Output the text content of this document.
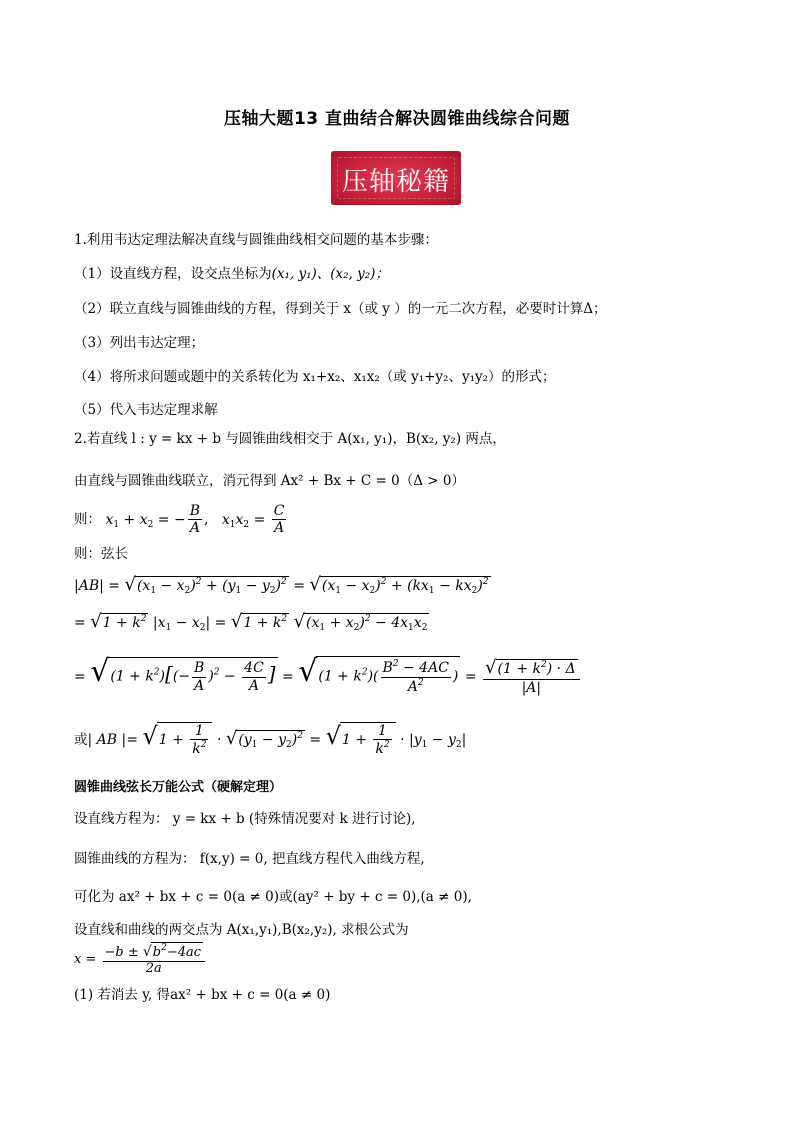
压轴大题13 直曲结合解决圆锥曲线综合问题
压轴秘籍
1.利用韦达定理法解决直线与圆锥曲线相交问题的基本步骤：
（1）设直线方程，设交点坐标为(x₁, y₁)、(x₂, y₂)；
（2）联立直线与圆锥曲线的方程，得到关于 x（或 y ）的一元二次方程，必要时计算Δ；
（3）列出韦达定理；
（4）将所求问题或题中的关系转化为 x₁+x₂、x₁x₂（或 y₁+y₂、y₁y₂）的形式；
（5）代入韦达定理求解
2.若直线 l : y = kx + b 与圆锥曲线相交于 A(x₁, y₁)，B(x₂, y₂) 两点，
由直线与圆锥曲线联立，消元得到 Ax² + Bx + C = 0（Δ > 0）
则： $x_1 + x_2$ = − $\frac{B}{A}$ ,   $x_1x_2 = \frac{C}{A}$
则：弦长
$|AB| = √(x_1 - x_2)^2 + (y_1 - y_2)^2 = √(x_1 - x_2)^2 + (kx_1 - kx_2)^2$
= $√1 + k^2$ $|x_1 - x_2| = √1 + k^2$ $√(x_1 + x_2)^2 - 4x_1x_2$
= $√(1 + k^2)[(- \frac{B}{A} )^2 - \frac{4C}{A}$ ] = $√(1 + k^2)( \frac{B^2 - 4AC}{A^2}$ ) = $\frac{√(1 + k^2) \cdot \Delta}{|A|}$
或| AB |= $√1 + \frac{1}{k^2} \cdot √(y_1 - y_2)^2 = √1 + \frac{1}{k^2} \cdot |y_1 - y_2|$
圆锥曲线弦长万能公式（硬解定理）
设直线方程为： y = kx + b (特殊情况要对 k 进行讨论),
圆锥曲线的方程为： f(x,y) = 0, 把直线方程代入曲线方程,
可化为 ax² + bx + c = 0(a ≠ 0)或(ay² + by + c = 0),(a ≠ 0),
设直线和曲线的两交点为 A(x₁,y₁),B(x₂,y₂), 求根公式为
$x = \frac{-b \pm √b^2-4ac}{2a}$
(1) 若消去 y, 得ax² + bx + c = 0(a ≠ 0)
